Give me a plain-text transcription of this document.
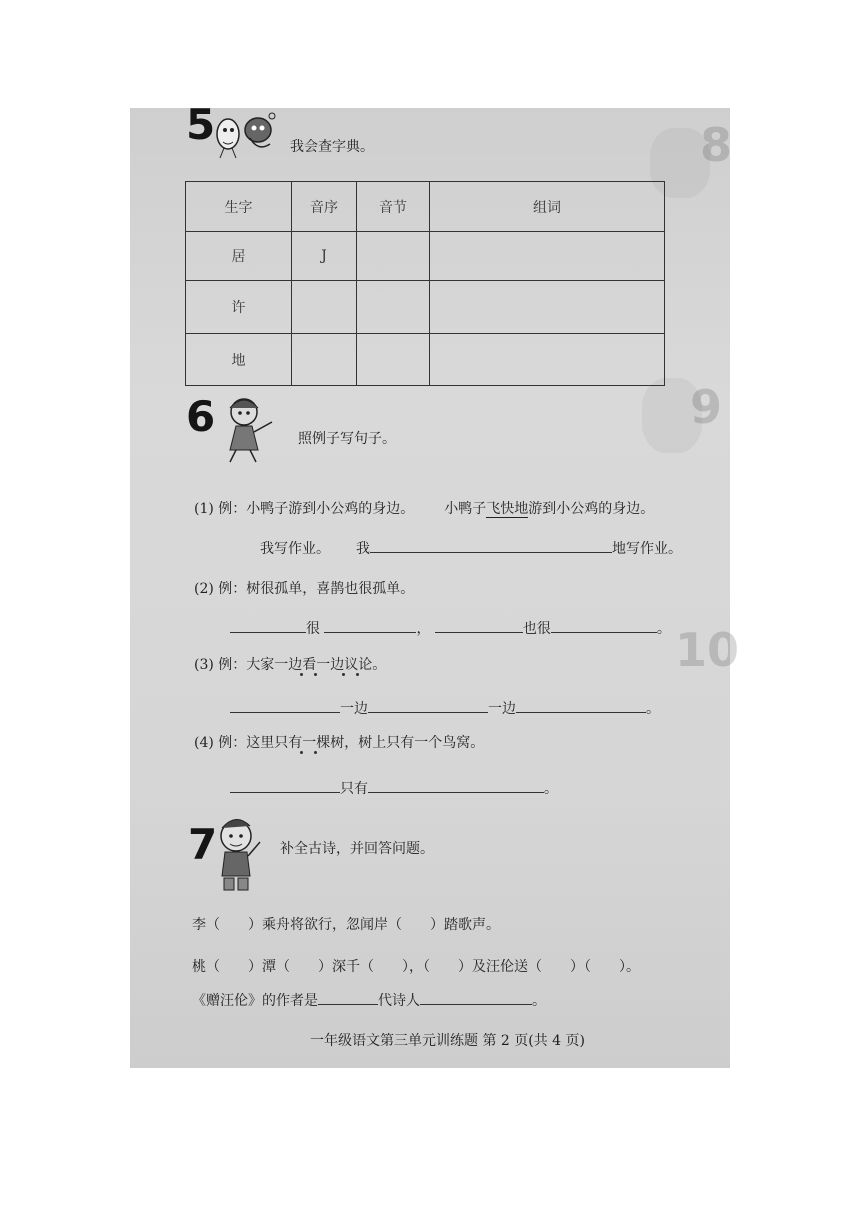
8
9
10
5	我会查字典。
生字	音序	音节	组词
居	J		
许			
地			
6	照例子写句子。
(1) 例：小鸭子游到小公鸡的身边。 小鸭子飞快地游到小公鸡的身边。
我写作业。 我	地写作业。
(2) 例：树很孤单，喜鹊也很孤单。
很	，	也很	。
(3) 例：大家一边看一边议论。
一边	一边	。
(4) 例：这里只有一棵树，树上只有一个鸟窝。
只有	。
7	补全古诗，并回答问题。
李（　　）乘舟将欲行，忽闻岸（　　）踏歌声。
桃（　　）潭（　　）深千（　　），（　　）及汪伦送（　　）（　　）。
《赠汪伦》的作者是	代诗人	。
一年级语文第三单元训练题 第 2 页(共 4 页)
